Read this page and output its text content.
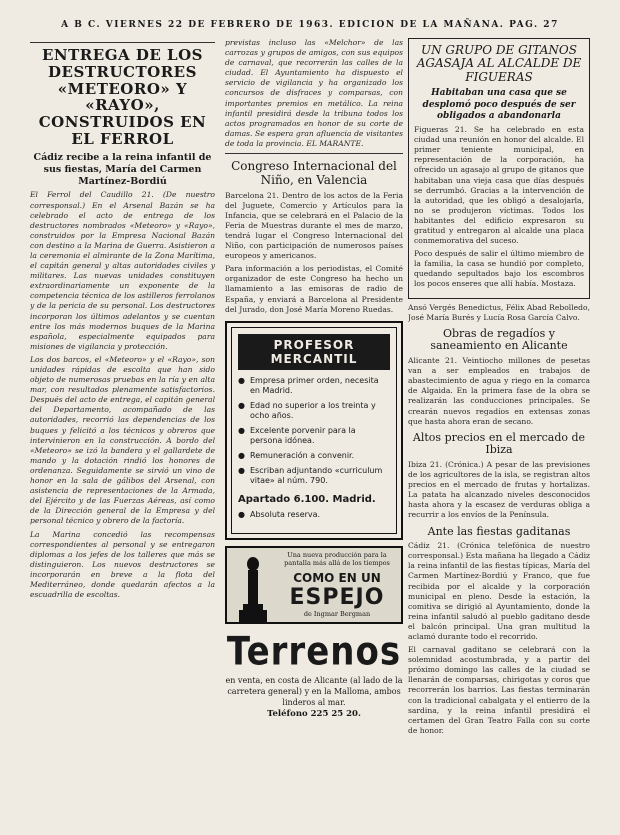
A B C. VIERNES 22 DE FEBRERO DE 1963. EDICION DE LA MAÑANA. PAG. 27
ENTREGA DE LOS DESTRUCTORES «METEORO» Y «RAYO», CONSTRUIDOS EN EL FERROL
Cádiz recibe a la reina infantil de sus fiestas, María del Carmen Martínez-Bordiú

El Ferrol del Caudillo 21. (De nuestro corresponsal.) En el Arsenal Bazán se ha celebrado el acto de entrega de los destructores nombrados «Meteoro» y «Rayo», construidos por la Empresa Nacional Bazán con destino a la Marina de Guerra. Asistieron a la ceremonia el almirante de la Zona Marítima, el capitán general y altas autoridades civiles y militares. Las nuevas unidades constituyen extraordinariamente un exponente de la competencia técnica de los astilleros ferrolanos y de la pericia de su personal. Los destructores incorporan los últimos adelantos y se cuentan entre los más modernos buques de la Marina española, especialmente equipados para misiones de vigilancia y protección.

Los dos barcos, el «Meteoro» y el «Rayo», son unidades rápidas de escolta que han sido objeto de numerosas pruebas en la ría y en alta mar, con resultados plenamente satisfactorios. Después del acto de entrega, el capitán general del Departamento, acompañado de las autoridades, recorrió las dependencias de los buques y felicitó a los técnicos y obreros que intervinieron en la construcción. A bordo del «Meteoro» se izó la bandera y el gallardete de mando y la dotación rindió los honores de ordenanza. Seguidamente se sirvió un vino de honor en la sala de gálibos del Arsenal, con asistencia de representaciones de la Armada, del Ejército y de las Fuerzas Aéreas, así como de la Dirección general de la Empresa y del personal técnico y obrero de la factoría.

La Marina concedió las recompensas correspondientes al personal y se entregaron diplomas a los jefes de los talleres que más se distinguieron. Los nuevos destructores se incorporarán en breve a la flota del Mediterráneo, donde quedarán afectos a la escuadrilla de escoltas.

previstas incluso las «Melchor» de las carrozas y grupos de amigos, con sus equipos de carnaval, que recorrerán las calles de la ciudad. El Ayuntamiento ha dispuesto el servicio de vigilancia y ha organizado los concursos de disfraces y comparsas, con importantes premios en metálico. La reina infantil presidirá desde la tribuna todos los actos programados en honor de su corte de damas. Se espera gran afluencia de visitantes de toda la provincia. EL MARANTE.

Congreso Internacional del Niño, en Valencia

Barcelona 21. Dentro de los actos de la Feria del Juguete, Comercio y Artículos para la Infancia, que se celebrará en el Palacio de la Feria de Muestras durante el mes de marzo, tendrá lugar el Congreso Internacional del Niño, con participación de numerosos países europeos y americanos.

Para información a los periodistas, el Comité organizador de este Congreso ha hecho un llamamiento a las emisoras de radio de España, y enviará a Barcelona al Presidente del Jurado, don José María Moreno Ruedas.

PROFESOR MERCANTIL
● Empresa primer orden, necesita en Madrid.
● Edad no superior a los treinta y ocho años.
● Excelente porvenir para la persona idónea.
● Remuneración a convenir.
● Escriban adjuntando «curriculum vitae» al núm. 790.
Apartado 6.100. Madrid.
● Absoluta reserva.
Una nueva producción para la pantalla más allá de los tiempos
COMO EN UN
ESPEJO
de Ingmar Bergman
Terrenos
en venta, en costa de Alicante (al lado de la carretera general) y en la Malloma, ambos linderos al mar.
Teléfono 225 25 20.
UN GRUPO DE GITANOS AGASAJA AL ALCALDE DE FIGUERAS
Habitaban una casa que se desplomó poco después de ser obligados a abandonarla

Figueras 21. Se ha celebrado en esta ciudad una reunión en honor del alcalde. El primer teniente municipal, en representación de la corporación, ha ofrecido un agasajo al grupo de gitanos que habitaban una vieja casa que días después se derrumbó. Gracias a la intervención de la autoridad, que les obligó a desalojarla, no se produjeron víctimas. Todos los habitantes del edificio expresaron su gratitud y entregaron al alcalde una placa conmemorativa del suceso.

Poco después de salir el último miembro de la familia, la casa se hundió por completo, quedando sepultados bajo los escombros los pocos enseres que allí había. Mostaza.

Ansó Vergés Benedictus, Félix Abad Rebolledo, José María Burés y Lucía Rosa García Calvo.

Obras de regadíos y saneamiento en Alicante

Alicante 21. Veintiocho millones de pesetas van a ser empleados en trabajos de abastecimiento de agua y riego en la comarca de Algaida. En la primera fase de la obra se realizarán las conducciones principales. Se crearán nuevos regadíos en extensas zonas que hasta ahora eran de secano.

Altos precios en el mercado de Ibiza

Ibiza 21. (Crónica.) A pesar de las previsiones de los agricultores de la isla, se registran altos precios en el mercado de frutas y hortalizas. La patata ha alcanzado niveles desconocidos hasta ahora y la escasez de verduras obliga a recurrir a los envíos de la Península.

Ante las fiestas gaditanas

Cádiz 21. (Crónica telefónica de nuestro corresponsal.) Esta mañana ha llegado a Cádiz la reina infantil de las fiestas típicas, María del Carmen Martínez-Bordiú y Franco, que fue recibida por el alcalde y la corporación municipal en pleno. Desde la estación, la comitiva se dirigió al Ayuntamiento, donde la reina infantil saludó al pueblo gaditano desde el balcón principal. Una gran multitud la aclamó durante todo el recorrido.

El carnaval gaditano se celebrará con la solemnidad acostumbrada, y a partir del próximo domingo las calles de la ciudad se llenarán de comparsas, chirigotas y coros que recorrerán los barrios. Las fiestas terminarán con la tradicional cabalgata y el entierro de la sardina, y la reina infantil presidirá el certamen del Gran Teatro Falla con su corte de honor.
